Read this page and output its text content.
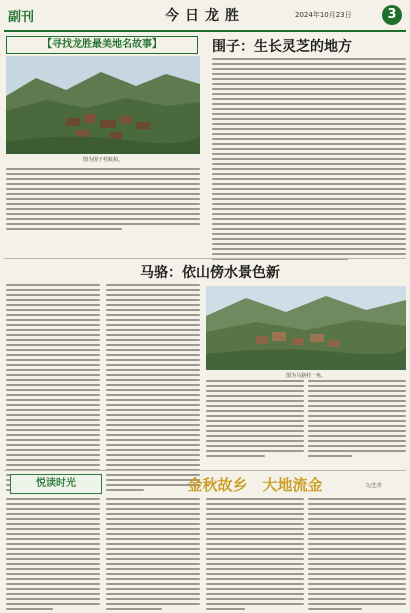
副刊	今日龙胜	2024年10月23日	3
【寻找龙胜最美地名故事】
图为围子村航拍。
围子：生长灵芝的地方
马骆：依山傍水景色新
图为马骆村一角。
悦读时光	金秋故乡　大地流金	文/艺青
